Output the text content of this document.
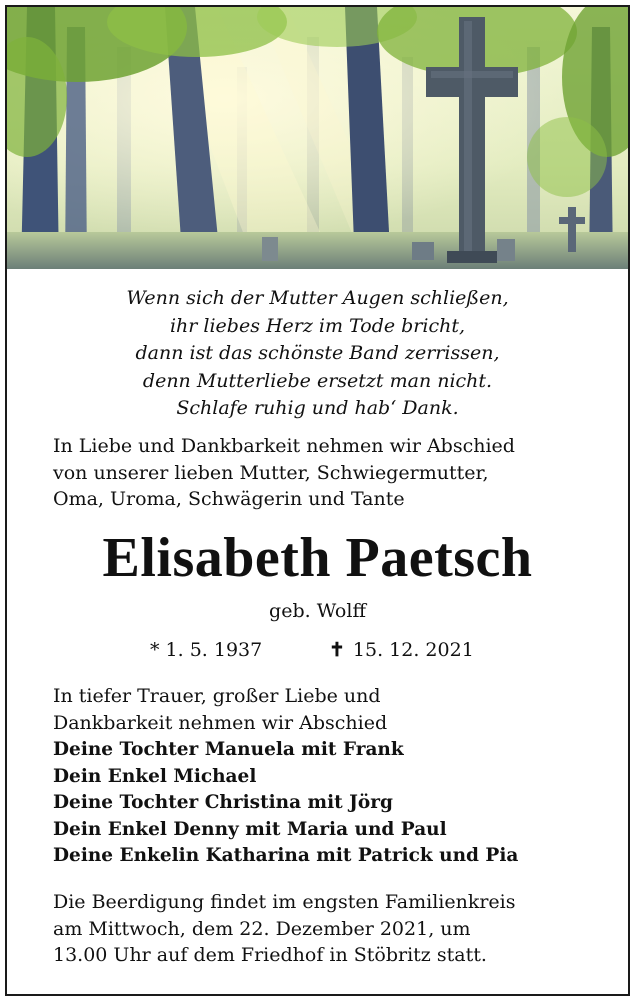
Wenn sich der Mutter Augen schließen,
ihr liebes Herz im Tode bricht,
dann ist das schönste Band zerrissen,
denn Mutterliebe ersetzt man nicht.
Schlafe ruhig und hab‘ Dank.
In Liebe und Dankbarkeit nehmen wir Abschied
von unserer lieben Mutter, Schwiegermutter,
Oma, Uroma, Schwägerin und Tante
Elisabeth Paetsch
geb. Wolff
* 1. 5. 1937	✝ 15. 12. 2021
In tiefer Trauer, großer Liebe und
Dankbarkeit nehmen wir Abschied
Deine Tochter Manuela mit Frank
Dein Enkel Michael
Deine Tochter Christina mit Jörg
Dein Enkel Denny mit Maria und Paul
Deine Enkelin Katharina mit Patrick und Pia
Die Beerdigung findet im engsten Familienkreis
am Mittwoch, dem 22. Dezember 2021, um
13.00 Uhr auf dem Friedhof in Stöbritz statt.
